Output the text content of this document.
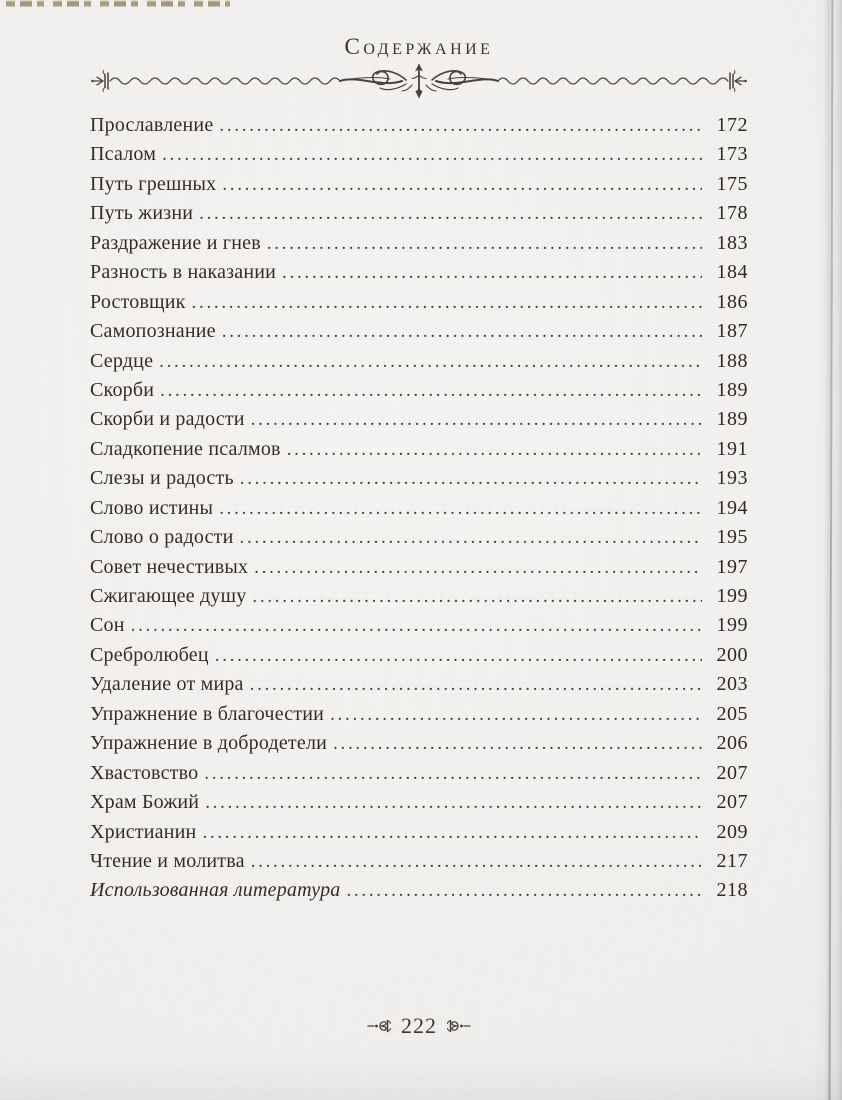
Содержание
Прославление .....	172
Псалом .....	173
Путь грешных .....	175
Путь жизни .....	178
Раздражение и гнев .....	183
Разность в наказании .....	184
Ростовщик .....	186
Самопознание .....	187
Сердце .....	188
Скорби .....	189
Скорби и радости .....	189
Сладкопение псалмов .....	191
Слезы и радость .....	193
Слово истины .....	194
Слово о радости .....	195
Совет нечестивых .....	197
Сжигающее душу .....	199
Сон .....	199
Сребролюбец .....	200
Удаление от мира .....	203
Упражнение в благочестии .....	205
Упражнение в добродетели .....	206
Хвастовство .....	207
Храм Божий .....	207
Христианин .....	209
Чтение и молитва .....	217
Использованная литература .....	218
222
